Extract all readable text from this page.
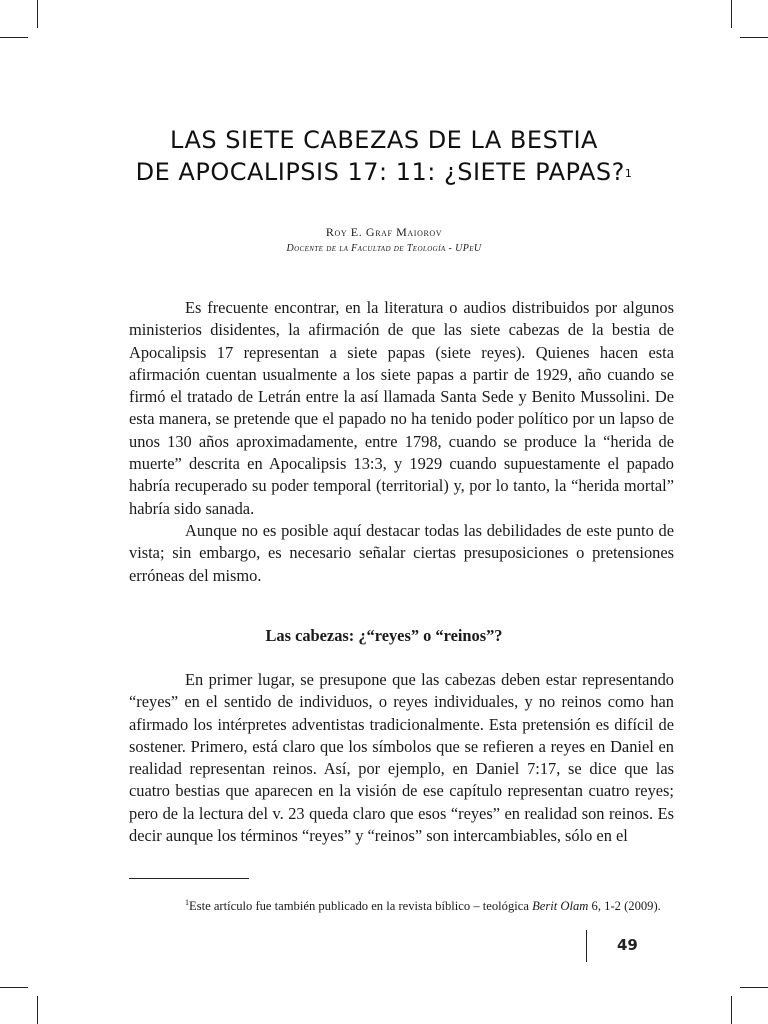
LAS SIETE CABEZAS DE LA BESTIA
DE APOCALIPSIS 17: 11: ¿SIETE PAPAS?$^1$
Roy E. Graf Maiorov
Docente de la Facultad de Teología - UPeU

Es frecuente encontrar, en la literatura o audios distribuidos por algunos ministerios disidentes, la afirmación de que las siete cabezas de la bestia de Apocalipsis 17 representan a siete papas (siete reyes). Quienes hacen esta afirmación cuentan usualmente a los siete papas a partir de 1929, año cuando se firmó el tratado de Letrán entre la así llamada Santa Sede y Benito Mussolini. De esta manera, se pretende que el papado no ha tenido poder político por un lapso de unos 130 años aproximadamente, entre 1798, cuando se produce la “herida de muerte” descrita en Apocalipsis 13:3, y 1929 cuando supuestamente el papado habría recuperado su poder temporal (territorial) y, por lo tanto, la “herida mortal” habría sido sanada.

Aunque no es posible aquí destacar todas las debilidades de este punto de vista; sin embargo, es necesario señalar ciertas presuposiciones o pretensiones erróneas del mismo.

Las cabezas: ¿“reyes” o “reinos”?

En primer lugar, se presupone que las cabezas deben estar representando “reyes” en el sentido de individuos, o reyes individuales, y no reinos como han afirmado los intérpretes adventistas tradicionalmente. Esta pretensión es difícil de sostener. Primero, está claro que los símbolos que se refieren a reyes en Daniel en realidad representan reinos. Así, por ejemplo, en Daniel 7:17, se dice que las cuatro bestias que aparecen en la visión de ese capítulo representan cuatro reyes; pero de la lectura del v. 23 queda claro que esos “reyes” en realidad son reinos. Es decir aunque los términos “reyes” y “reinos” son intercambiables, sólo en el

$^1$Este artículo fue también publicado en la revista bíblico – teológica Berit Olam 6, 1-2 (2009).
49
